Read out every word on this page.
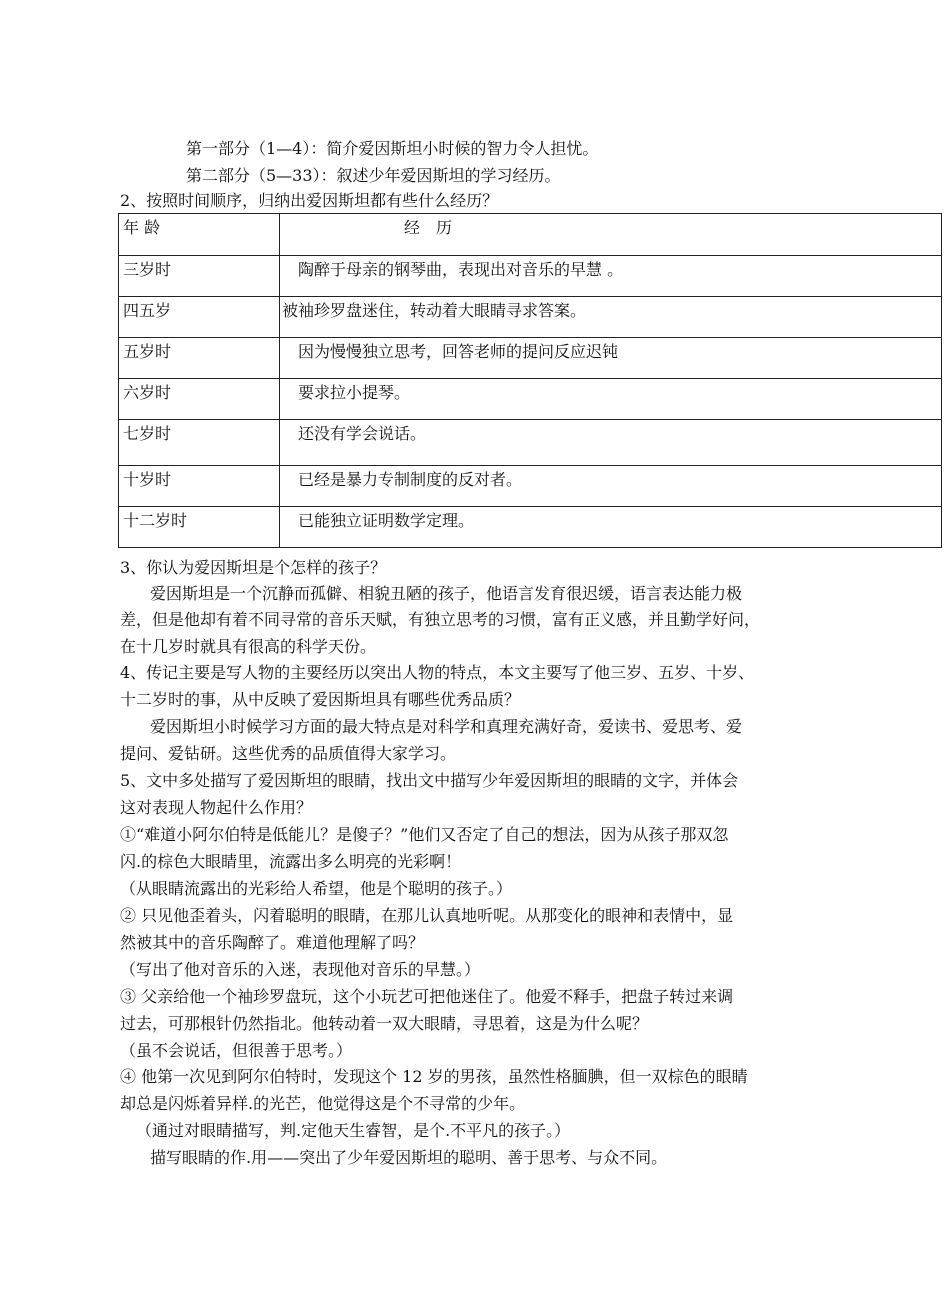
第一部分（1—4）：简介爱因斯坦小时候的智力令人担忧。
第二部分（5—33）：叙述少年爱因斯坦的学习经历。
2、按照时间顺序，归纳出爱因斯坦都有些什么经历？
年 龄	经　历
三岁时	陶醉于母亲的钢琴曲，表现出对音乐的早慧 。
四五岁	被袖珍罗盘迷住，转动着大眼睛寻求答案。
五岁时	因为慢慢独立思考，回答老师的提问反应迟钝
六岁时	要求拉小提琴。
七岁时	还没有学会说话。
十岁时	已经是暴力专制制度的反对者。
十二岁时	已能独立证明数学定理。
3、你认为爱因斯坦是个怎样的孩子？
爱因斯坦是一个沉静而孤僻、相貌丑陋的孩子，他语言发育很迟缓，语言表达能力极
差，但是他却有着不同寻常的音乐天赋，有独立思考的习惯，富有正义感，并且勤学好问，
在十几岁时就具有很高的科学天份。
4、传记主要是写人物的主要经历以突出人物的特点，本文主要写了他三岁、五岁、十岁、
十二岁时的事，从中反映了爱因斯坦具有哪些优秀品质？
爱因斯坦小时候学习方面的最大特点是对科学和真理充满好奇，爱读书、爱思考、爱
提问、爱钻研。这些优秀的品质值得大家学习。
5、文中多处描写了爱因斯坦的眼睛，找出文中描写少年爱因斯坦的眼睛的文字，并体会
这对表现人物起什么作用？
①“难道小阿尔伯特是低能儿？是傻子？”他们又否定了自己的想法，因为从孩子那双忽
闪.的棕色大眼睛里，流露出多么明亮的光彩啊！
（从眼睛流露出的光彩给人希望，他是个聪明的孩子。）
② 只见他歪着头，闪着聪明的眼睛，在那儿认真地听呢。从那变化的眼神和表情中，显
然被其中的音乐陶醉了。难道他理解了吗？
（写出了他对音乐的入迷，表现他对音乐的早慧。）
③ 父亲给他一个袖珍罗盘玩，这个小玩艺可把他迷住了。他爱不释手，把盘子转过来调
过去，可那根针仍然指北。他转动着一双大眼睛，寻思着，这是为什么呢？
（虽不会说话，但很善于思考。）
④ 他第一次见到阿尔伯特时，发现这个 12 岁的男孩，虽然性格腼腆，但一双棕色的眼睛
却总是闪烁着异样.的光芒，他觉得这是个不寻常的少年。
（通过对眼睛描写，判.定他天生睿智，是个.不平凡的孩子。）
描写眼睛的作.用——突出了少年爱因斯坦的聪明、善于思考、与众不同。
